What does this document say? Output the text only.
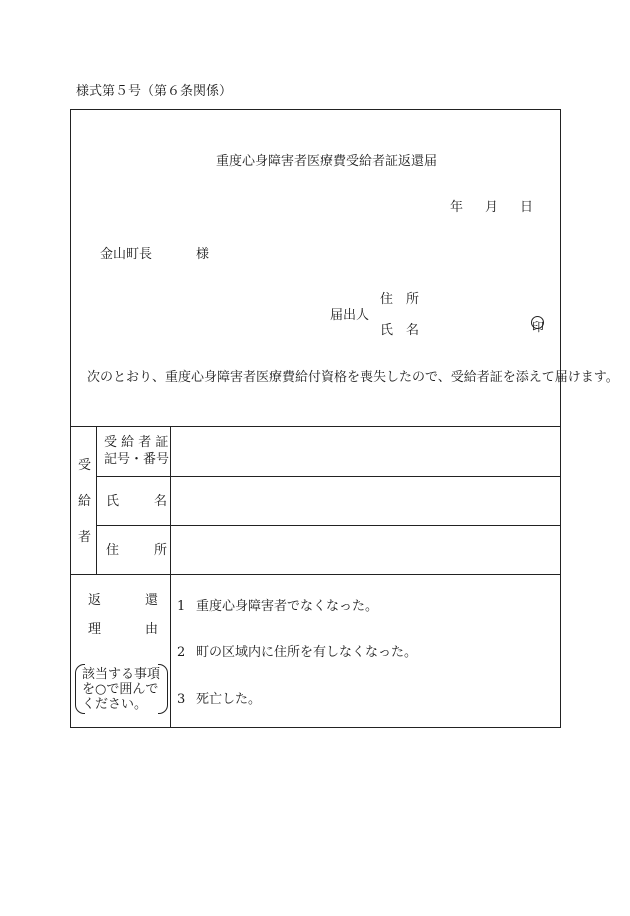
様式第５号（第６条関係）
重度心身障害者医療費受給者証返還届
年 月 日
金山町長	様
住　所
届出人
氏　名	印
次のとおり、重度心身障害者医療費給付資格を喪失したので、受給者証を添えて届けます。
受
給
者
受 給 者 証
記号・番号
氏	名
住	所
返	還
理	由
該当する事項
を○で囲んで
ください。
1 重度心身障害者でなくなった。
2 町の区域内に住所を有しなくなった。
3 死亡した。
